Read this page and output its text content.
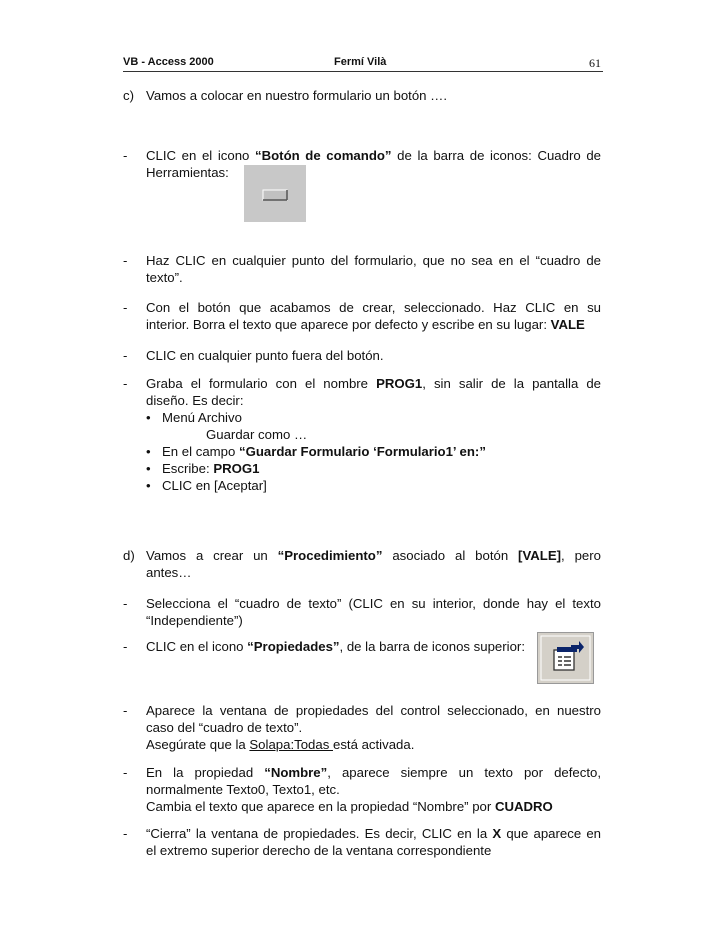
VB - Access 2000	Fermí Vilà	61
c) Vamos a colocar en nuestro formulario un botón ….
- CLIC en el icono “Botón de comando” de la barra de iconos: Cuadro de
Herramientas:
- Haz CLIC en cualquier punto del formulario, que no sea en el “cuadro de
texto”.
- Con el botón que acabamos de crear, seleccionado. Haz CLIC en su
interior. Borra el texto que aparece por defecto y escribe en su lugar: VALE
- CLIC en cualquier punto fuera del botón.
- Graba el formulario con el nombre PROG1, sin salir de la pantalla de
diseño. Es decir:
• Menú Archivo
Guardar como …
• En el campo “Guardar Formulario ‘Formulario1’ en:”
• Escribe: PROG1
• CLIC en [Aceptar]
d) Vamos a crear un “Procedimiento” asociado al botón [VALE], pero
antes…
- Selecciona el “cuadro de texto” (CLIC en su interior, donde hay el texto
“Independiente”)
- CLIC en el icono “Propiedades”, de la barra de iconos superior:
- Aparece la ventana de propiedades del control seleccionado, en nuestro
caso del “cuadro de texto”.
Asegúrate que la Solapa:Todas está activada.
- En la propiedad “Nombre”, aparece siempre un texto por defecto,
normalmente Texto0, Texto1, etc.
Cambia el texto que aparece en la propiedad “Nombre” por CUADRO
- “Cierra” la ventana de propiedades. Es decir, CLIC en la X que aparece en
el extremo superior derecho de la ventana correspondiente
